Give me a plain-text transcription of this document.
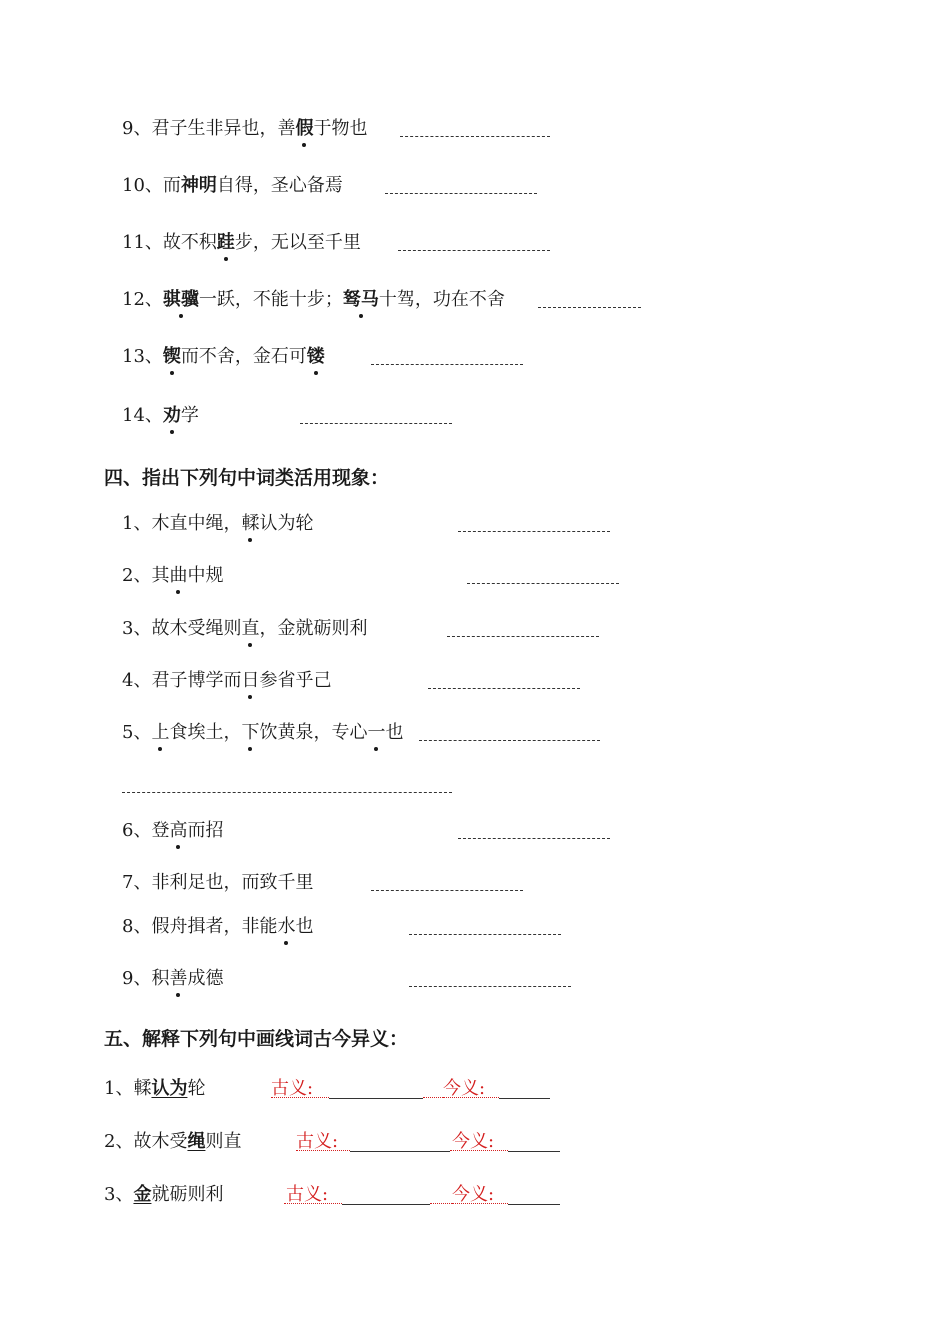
9、君子生非异也，善假于物也
10、而神明自得，圣心备焉
11、故不积跬步，无以至千里
12、骐骥一跃，不能十步；驽马十驾，功在不舍
13、锲而不舍，金石可镂
14、劝学
四、指出下列句中词类活用现象：
1、木直中绳，輮认为轮
2、其曲中规
3、故木受绳则直，金就砺则利
4、君子博学而日参省乎己
5、上食埃土，下饮黄泉，专心一也
6、登高而招
7、非利足也，而致千里
8、假舟揖者，非能水也
9、积善成德
五、解释下列句中画线词古今异义：
1、輮认为轮	古义:	今义:
2、故木受绳则直	古义:	今义:
3、金就砺则利	古义:	今义:
